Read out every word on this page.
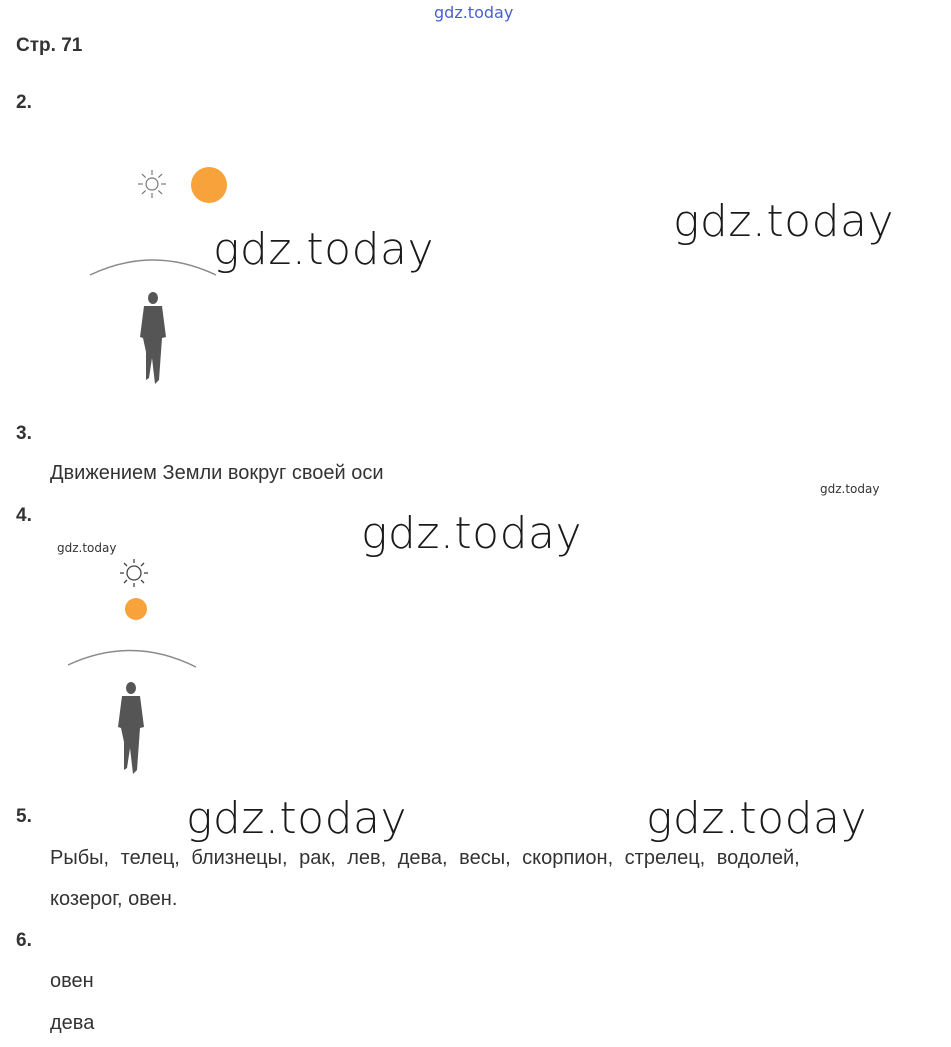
gdz.today
Стр. 71
2.
gdz.today
gdz.today
3.
Движением Земли вокруг своей оси
gdz.today
4.	gdz.today
gdz.today
5.	gdz.today	gdz.today
Рыбы, телец, близнецы, рак, лев, дева, весы, скорпион, стрелец, водолей,
козерог, овен.
6.
овен
дева
